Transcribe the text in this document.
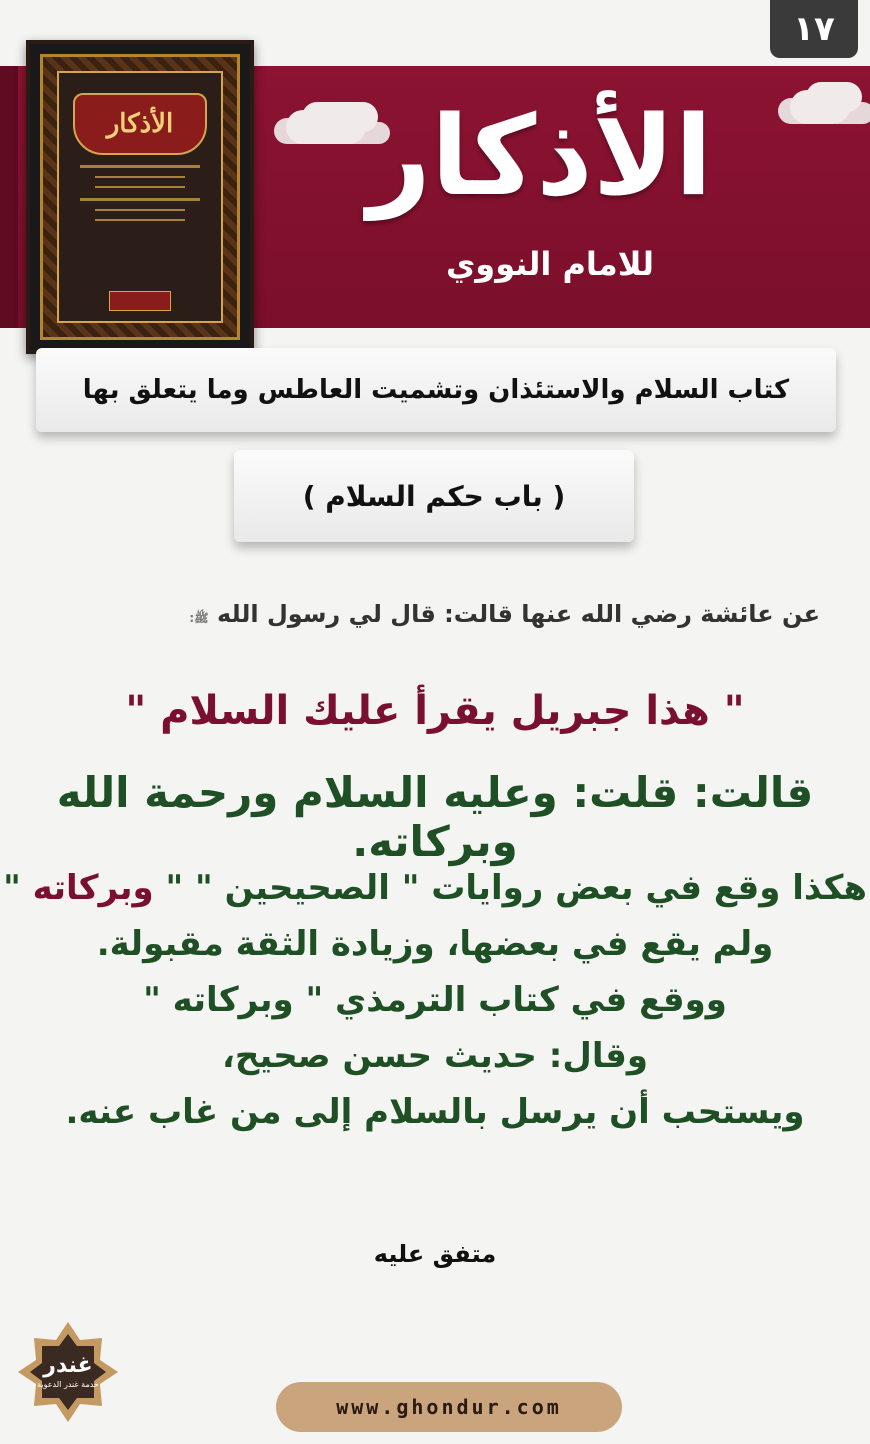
١٧
الأذكار	الأذكار
للامام النووي
كتاب السلام والاستئذان وتشميت العاطس وما يتعلق بها
( باب حكم السلام )
عن عائشة رضي الله عنها قالت: قال لي رسول الله ﷺ:
" هذا جبريل يقرأ عليك السلام "
قالت: قلت: وعليه السلام ورحمة الله وبركاته.
هكذا وقع في بعض روايات " الصحيحين " " وبركاته "
ولم يقع في بعضها، وزيادة الثقة مقبولة.
ووقع في كتاب الترمذي " وبركاته "
وقال: حديث حسن صحيح،
ويستحب أن يرسل بالسلام إلى من غاب عنه.
متفق عليه
غندر
خدمة غندر الدعوية
www.ghondur.com
